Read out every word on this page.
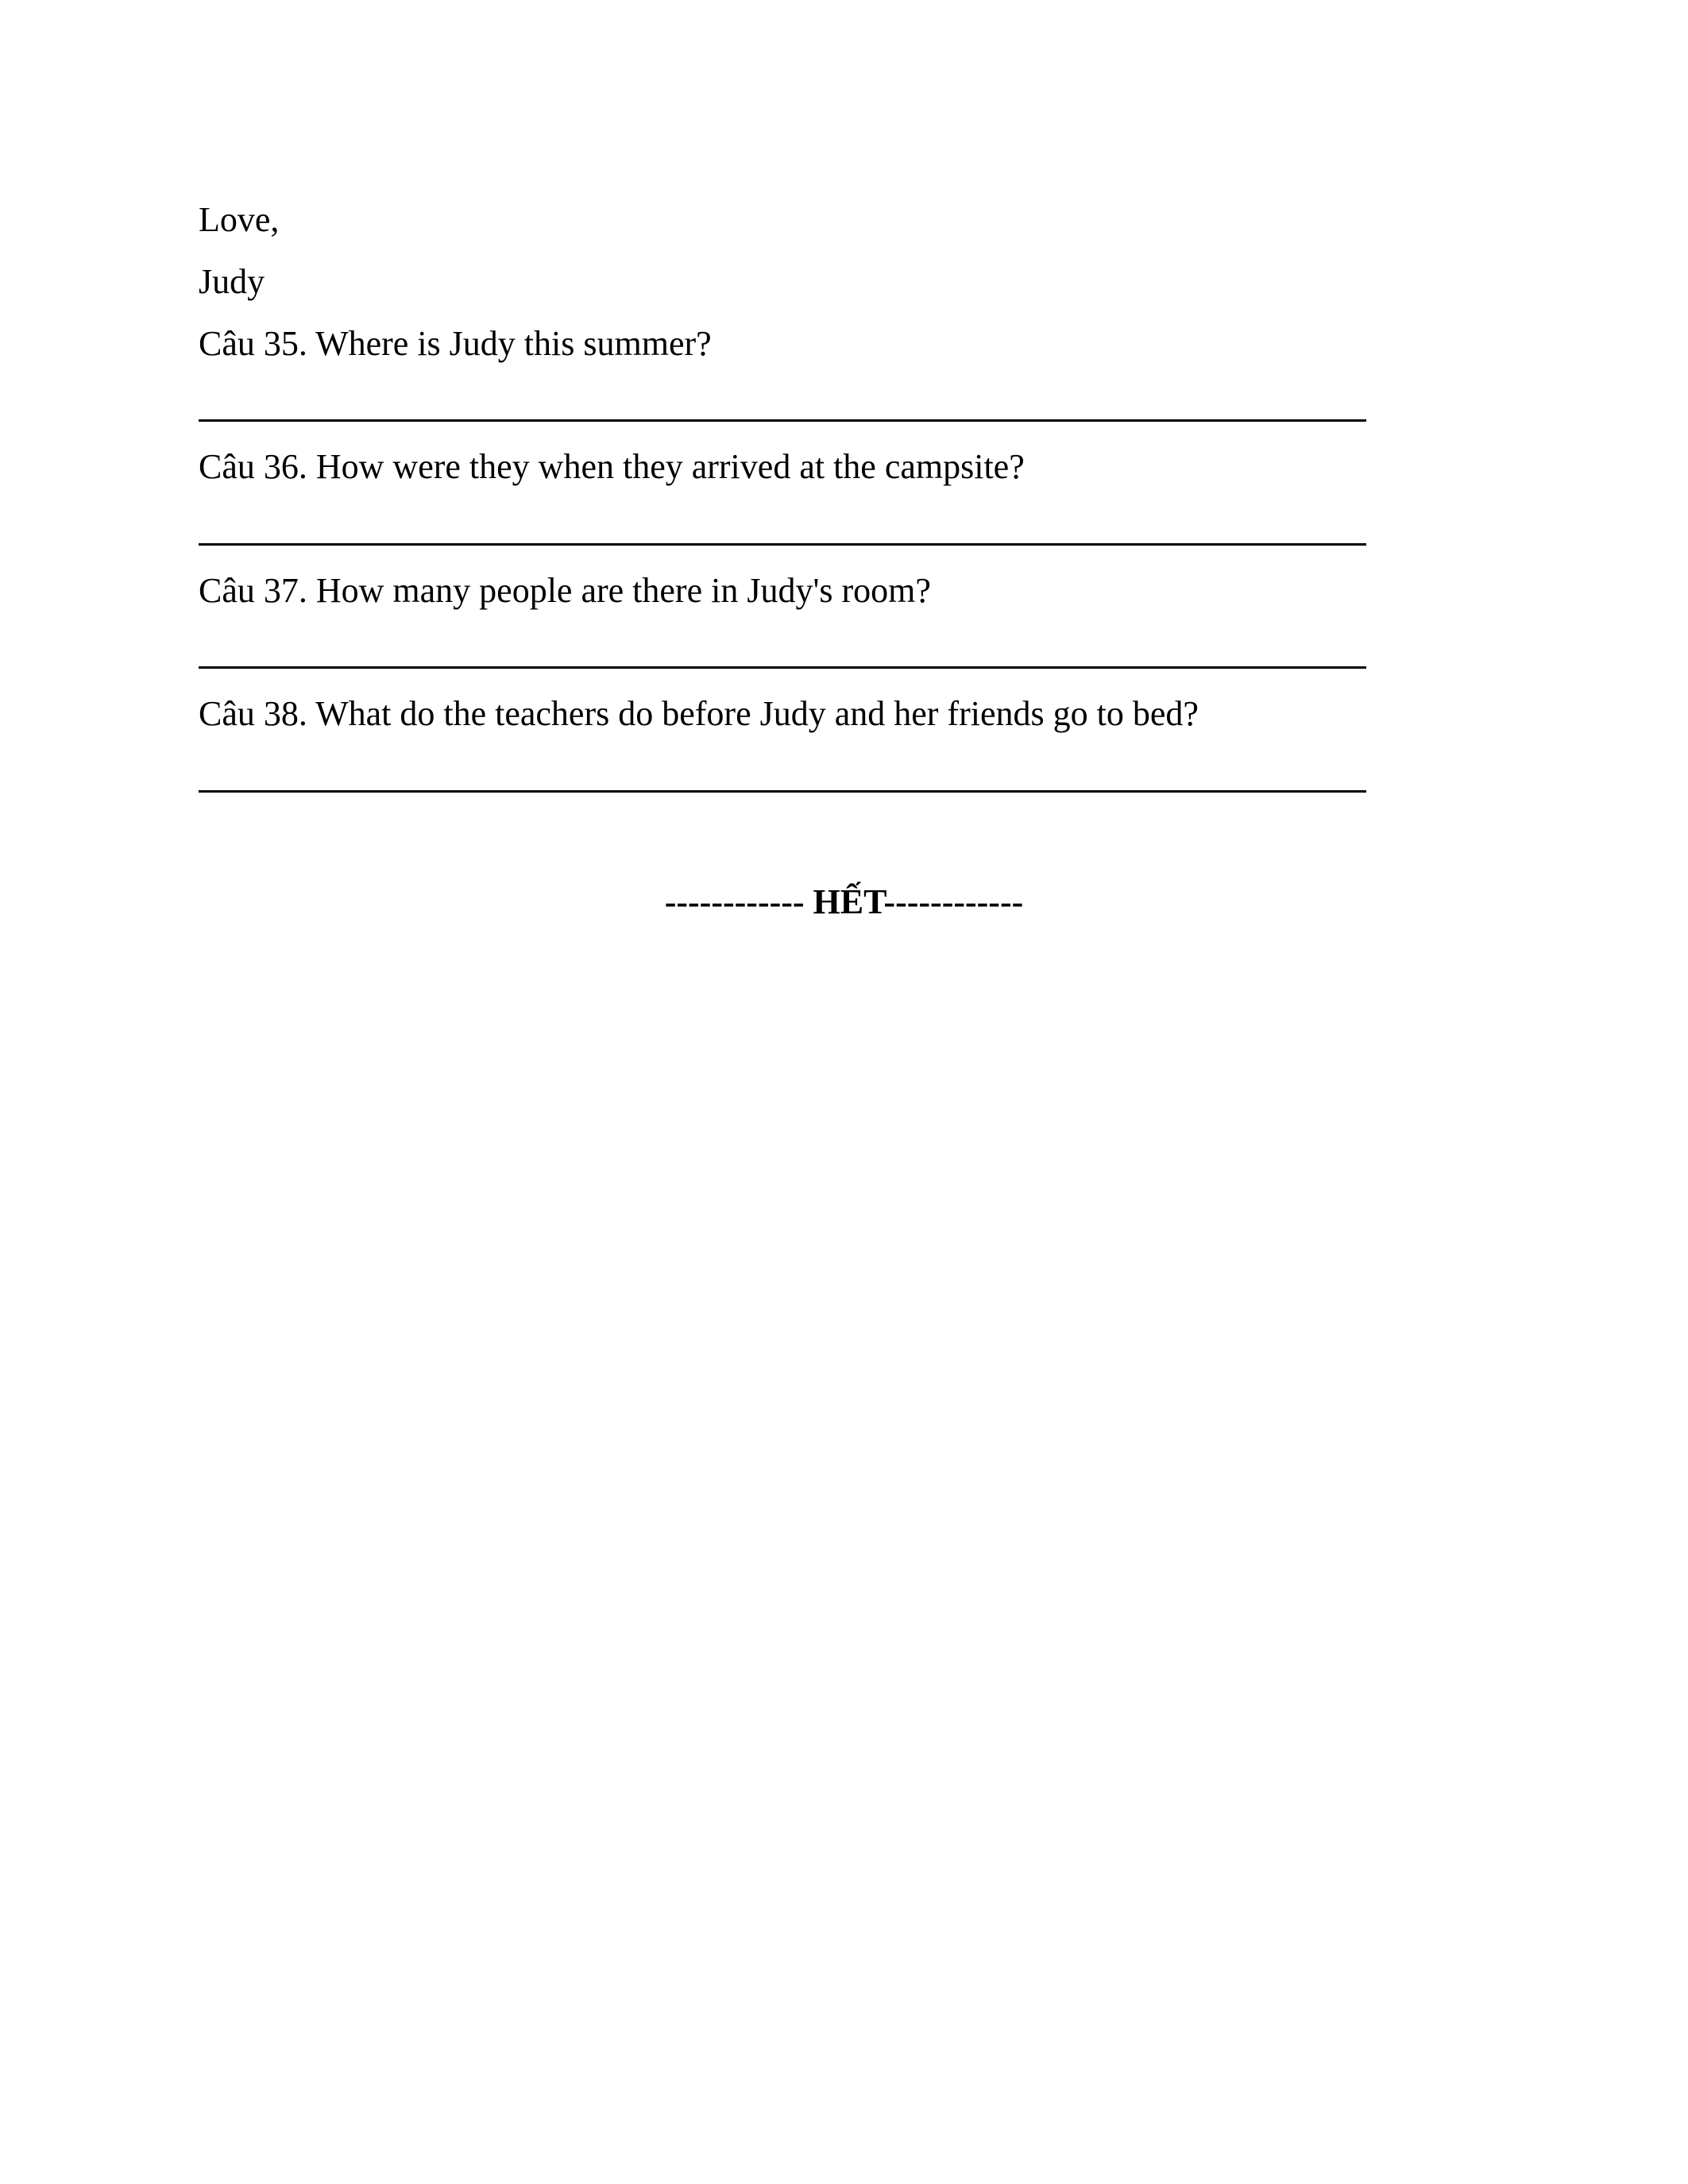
Love,
Judy
Câu 35. Where is Judy this summer?
Câu 36. How were they when they arrived at the campsite?
Câu 37. How many people are there in Judy's room?
Câu 38. What do the teachers do before Judy and her friends go to bed?
------------ HẾT------------
